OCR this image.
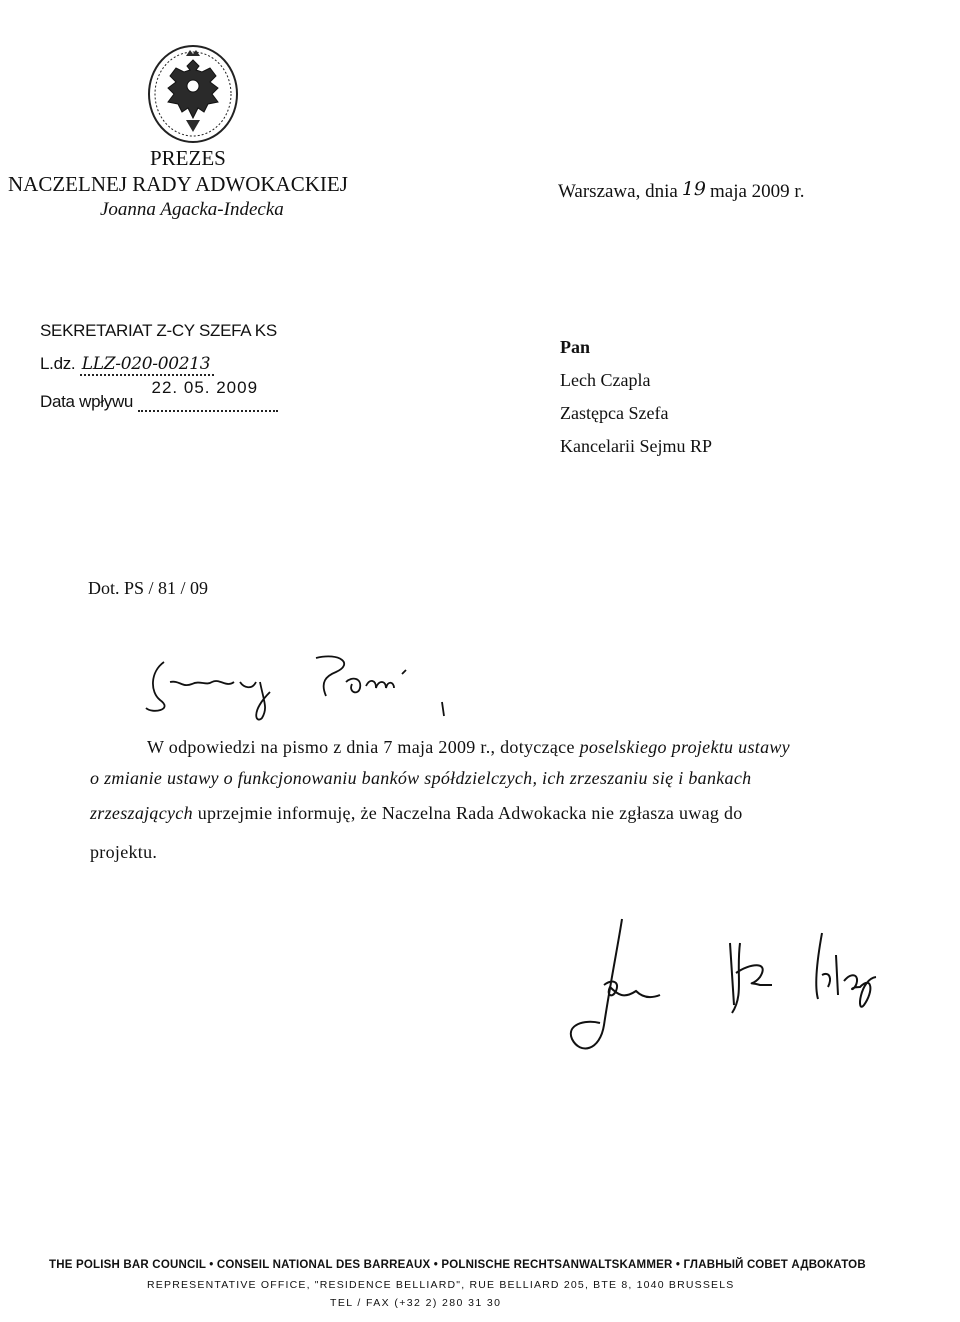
PREZES
NACZELNEJ RADY ADWOKACKIEJ
Joanna Agacka-Indecka
Warszawa, dnia 19 maja 2009 r.
SEKRETARIAT Z-CY SZEFA KS
L.dz. LLZ-020-00213
Data wpływu
22. 05. 2009
Pan
Lech Czapla
Zastępca Szefa
Kancelarii Sejmu RP
Dot. PS / 81 / 09
W odpowiedzi na pismo z dnia 7 maja 2009 r., dotyczące poselskiego projektu ustawy
o zmianie ustawy o funkcjonowaniu banków spółdzielczych, ich zrzeszaniu się i bankach
zrzeszających uprzejmie informuję, że Naczelna Rada Adwokacka nie zgłasza uwag do
projektu.
THE POLISH BAR COUNCIL • CONSEIL NATIONAL DES BARREAUX • POLNISCHE RECHTSANWALTSKAMMER • ГЛАВНЫЙ СОВЕТ АДВОКАТОВ
REPRESENTATIVE OFFICE, "RESIDENCE BELLIARD", RUE BELLIARD 205, BTE 8, 1040 BRUSSELS
TEL / FAX (+32 2) 280 31 30
